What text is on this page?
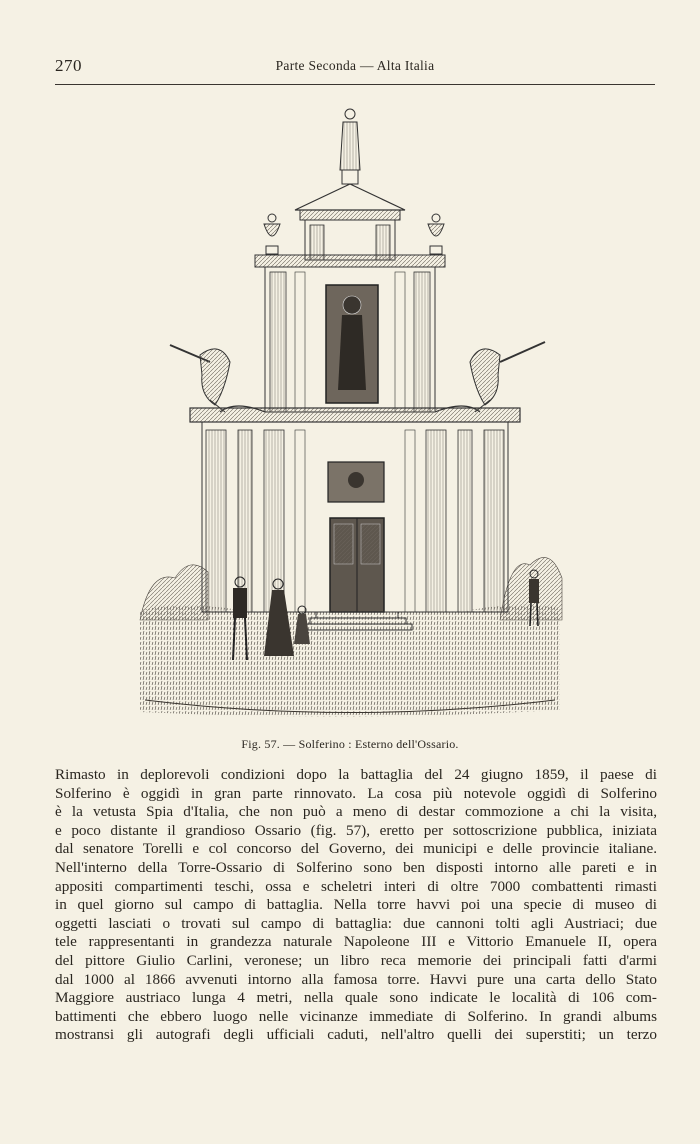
270	Parte Seconda — Alta Italia
Fig. 57. — Solferino : Esterno dell'Ossario.
Rimasto in deplorevoli condizioni dopo la battaglia del 24 giugno 1859, il paese di
Solferino è oggidì in gran parte rinnovato. La cosa più notevole oggidì di Solferino
è la vetusta Spia d'Italia, che non può a meno di destar commozione a chi la visita,
e poco distante il grandioso Ossario (fig. 57), eretto per sottoscrizione pubblica, iniziata
dal senatore Torelli e col concorso del Governo, dei municipi e delle provincie italiane.
Nell'interno della Torre-Ossario di Solferino sono ben disposti intorno alle pareti e in
appositi compartimenti teschi, ossa e scheletri interi di oltre 7000 combattenti rimasti
in quel giorno sul campo di battaglia. Nella torre havvi poi una specie di museo di
oggetti lasciati o trovati sul campo di battaglia: due cannoni tolti agli Austriaci; due
tele rappresentanti in grandezza naturale Napoleone III e Vittorio Emanuele II, opera
del pittore Giulio Carlini, veronese; un libro reca memorie dei principali fatti d'armi
dal 1000 al 1866 avvenuti intorno alla famosa torre. Havvi pure una carta dello Stato
Maggiore austriaco lunga 4 metri, nella quale sono indicate le località di 106 com-
battimenti che ebbero luogo nelle vicinanze immediate di Solferino. In grandi albums
mostransi gli autografi degli ufficiali caduti, nell'altro quelli dei superstiti; un terzo
